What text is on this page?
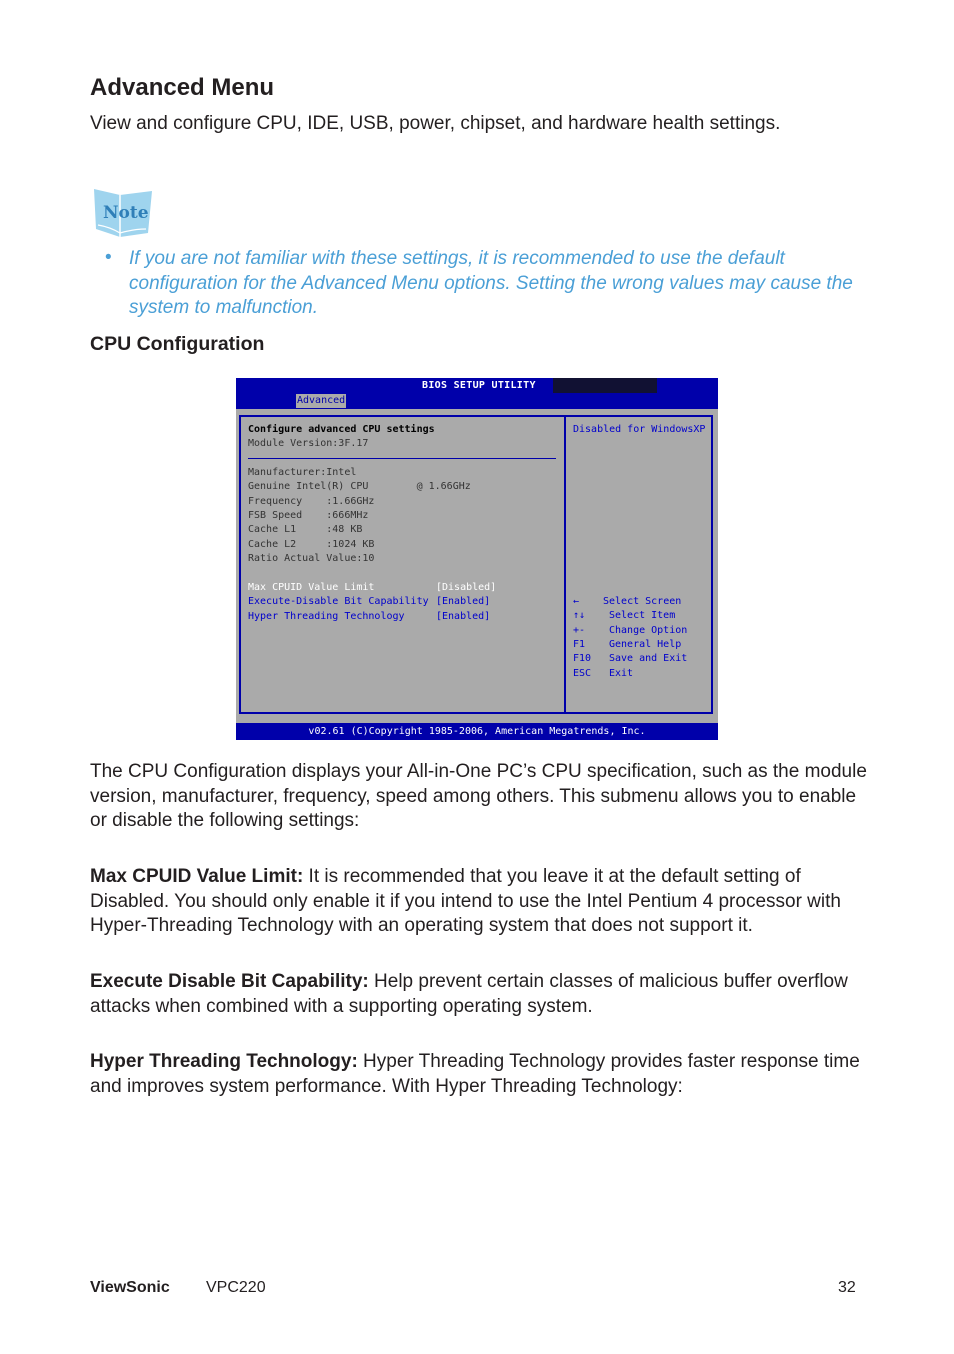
Advanced Menu
View and configure CPU, IDE, USB, power, chipset, and hardware health settings.
Note
• If you are not familiar with these settings, it is recommended to use the default configuration for the Advanced Menu options. Setting the wrong values may cause the system to malfunction.
CPU Configuration
BIOS SETUP UTILITY
Advanced
Configure advanced CPU settings
Module Version:3F.17
Manufacturer:Intel
Genuine Intel(R) CPU        @ 1.66GHz
Frequency    :1.66GHz
FSB Speed    :666MHz
Cache L1     :48 KB
Cache L2     :1024 KB
Ratio Actual Value:10
Max CPUID Value Limit	[Disabled]
Execute-Disable Bit Capability [Enabled]
Hyper Threading Technology	[Enabled]
Disabled for WindowsXP
← Select Screen
↑↓ Select Item
+- Change Option
F1 General Help
F10 Save and Exit
ESC Exit
v02.61 (C)Copyright 1985-2006, American Megatrends, Inc.
The CPU Configuration displays your All-in-One PC’s CPU specification, such as the module version, manufacturer, frequency, speed among others. This submenu allows you to enable or disable the following settings:
Max CPUID Value Limit: It is recommended that you leave it at the default setting of Disabled. You should only enable it if you intend to use the Intel Pentium 4 processor with Hyper-Threading Technology with an operating system that does not support it.
Execute Disable Bit Capability: Help prevent certain classes of malicious buffer overflow attacks when combined with a supporting operating system.
Hyper Threading Technology: Hyper Threading Technology provides faster response time and improves system performance. With Hyper Threading Technology:
ViewSonic VPC220	32
